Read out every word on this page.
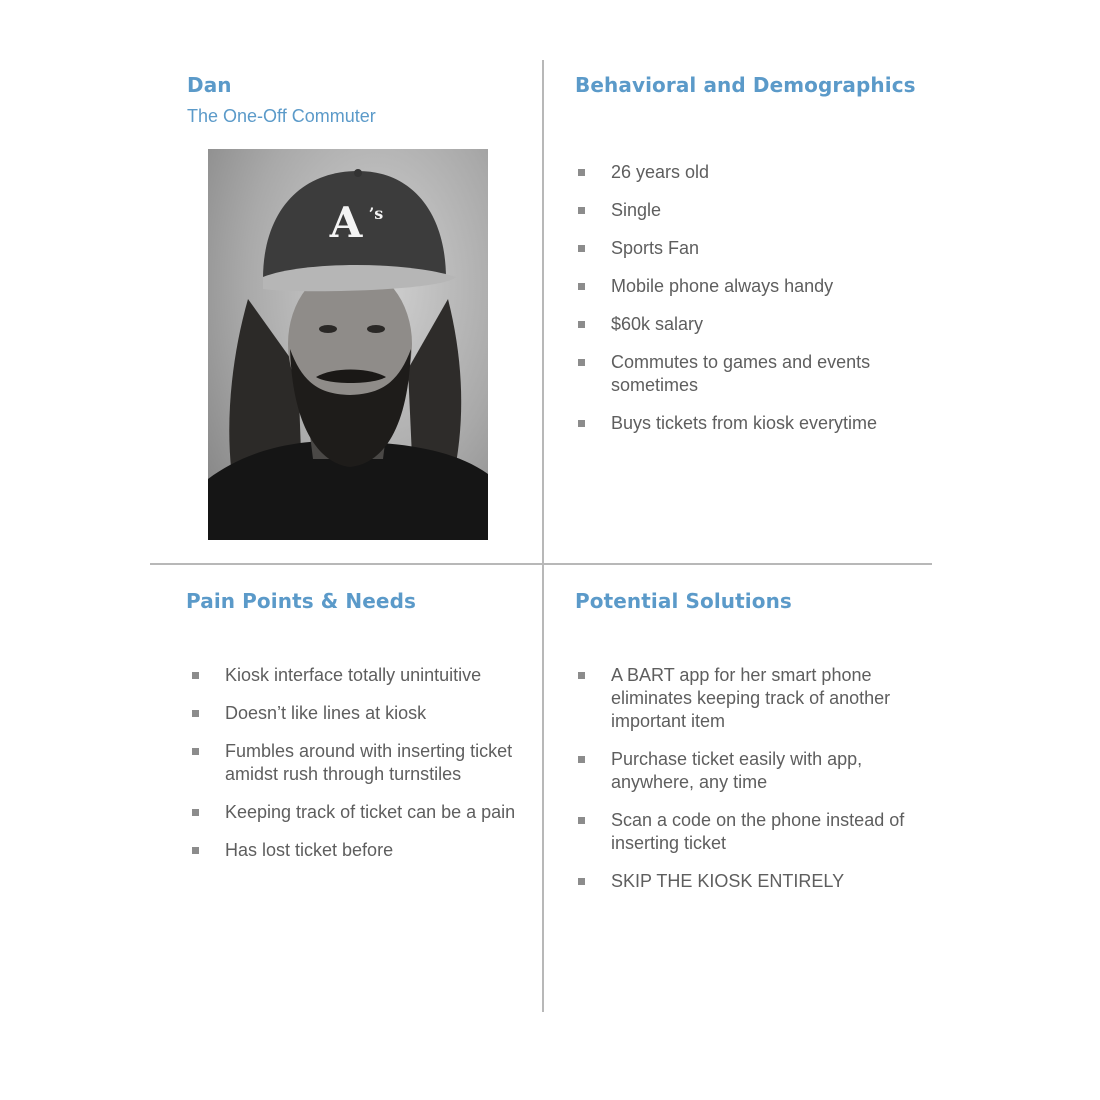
Dan

The One-Off Commuter

A ’s
Behavioral and Demographics
26 years old
Single
Sports Fan
Mobile phone always handy
$60k salary
Commutes to games and events sometimes
Buys tickets from kiosk everytime
Pain Points & Needs
Kiosk interface totally unintuitive
Doesn’t like lines at kiosk
Fumbles around with inserting ticket amidst rush through turnstiles
Keeping track of ticket can be a pain
Has lost ticket before
Potential Solutions
A BART app for her smart phone eliminates keeping track of another important item
Purchase ticket easily with app, anywhere, any time
Scan a code on the phone instead of inserting ticket
SKIP THE KIOSK ENTIRELY
